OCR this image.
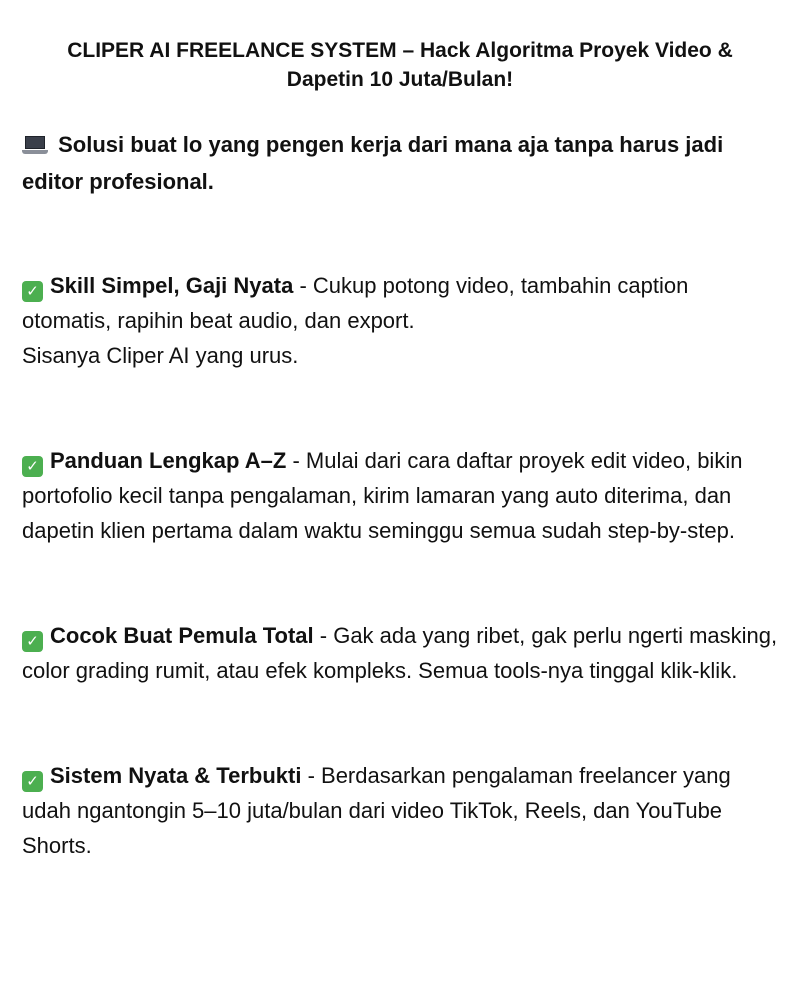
CLIPER AI FREELANCE SYSTEM – Hack Algoritma Proyek Video & Dapetin 10 Juta/Bulan!
Solusi buat lo yang pengen kerja dari mana aja tanpa harus jadi editor profesional.
✓ Skill Simpel, Gaji Nyata - Cukup potong video, tambahin caption otomatis, rapihin beat audio, dan export.
Sisanya Cliper AI yang urus.
✓ Panduan Lengkap A–Z - Mulai dari cara daftar proyek edit video, bikin portofolio kecil tanpa pengalaman, kirim lamaran yang auto diterima, dan dapetin klien pertama dalam waktu seminggu semua sudah step-by-step.
✓ Cocok Buat Pemula Total - Gak ada yang ribet, gak perlu ngerti masking, color grading rumit, atau efek kompleks. Semua tools-nya tinggal klik-klik.
✓ Sistem Nyata & Terbukti - Berdasarkan pengalaman freelancer yang udah ngantongin 5–10 juta/bulan dari video TikTok, Reels, dan YouTube Shorts.
